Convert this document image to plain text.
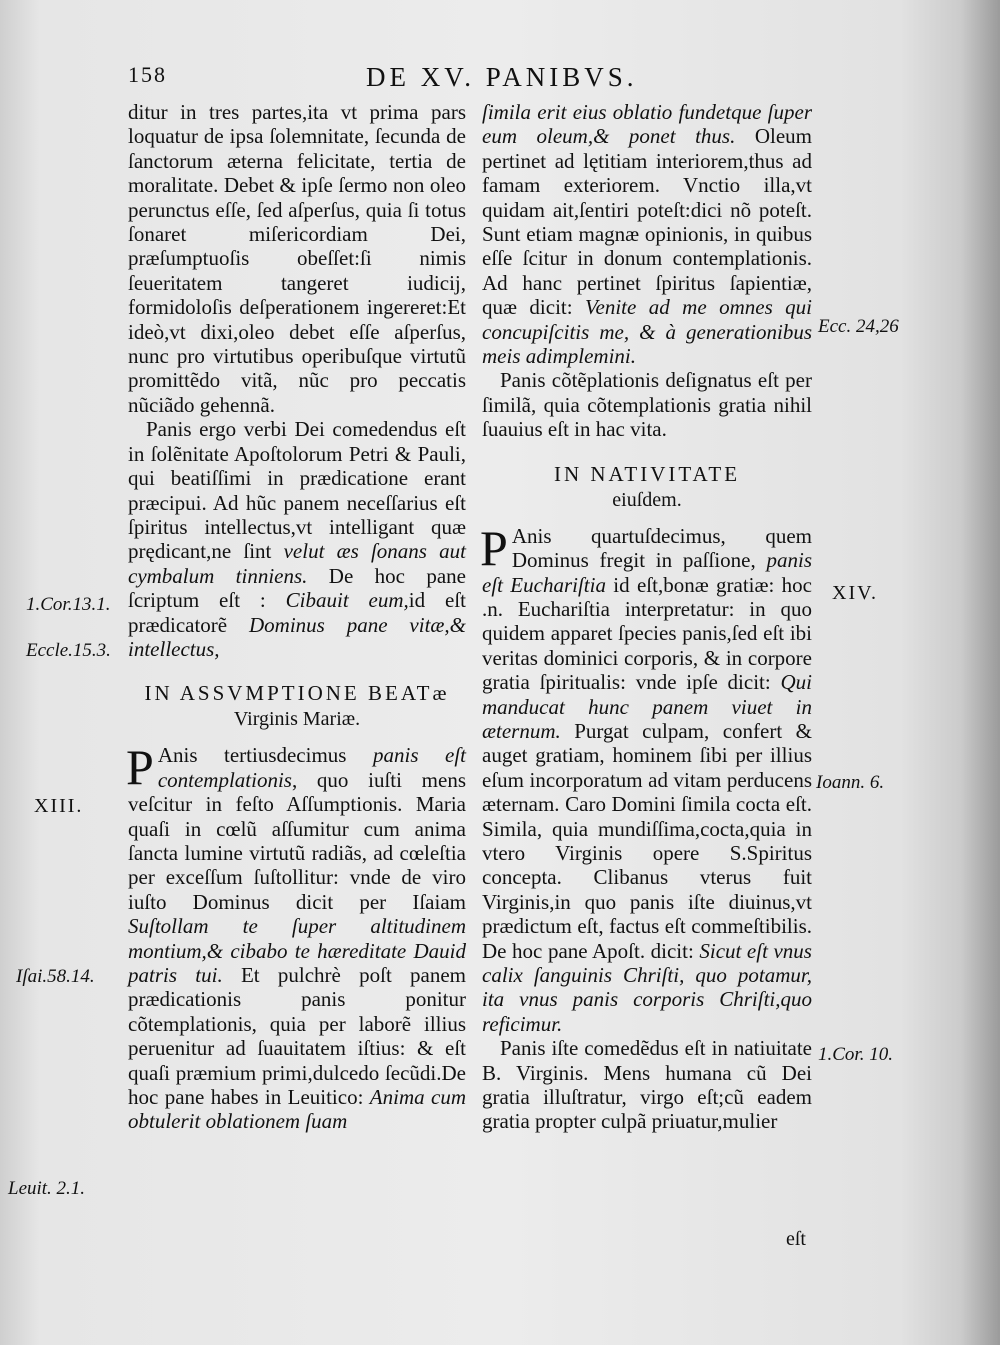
158	DE XV. PANIBVS.

ditur in tres partes,ita vt prima pars loquatur de ipsa ſolemnitate, ſecunda de ſanctorum æterna felicitate, tertia de moralitate. Debet & ipſe ſermo non oleo perunctus eſſe, ſed aſperſus, quia ſi totus ſonaret miſericordiam Dei, præſumptuoſis obeſſet:ſi nimis ſeueritatem tangeret iudicij, formidoloſis deſperationem ingereret:Et ideò,vt dixi,oleo debet eſſe aſperſus, nunc pro virtutibus operibuſque virtutũ promittẽdo vitã, nũc pro peccatis nũciãdo gehennã.

Panis ergo verbi Dei comedendus eſt in ſolẽnitate Apoſtolorum Petri & Pauli, qui beatiſſimi in prædicatione erant præcipui. Ad hũc panem neceſſarius eſt ſpiritus intellectus,vt intelligant quæ prędicant,ne ſint velut æs ſonans aut cymbalum tinniens. De hoc pane ſcriptum eſt : Cibauit eum,id eſt prædicatorẽ Dominus pane vitæ,& intellectus,

IN ASSVMPTIONE BEATæ
Virginis Mariæ.

P Anis tertiusdecimus panis eſt contemplationis, quo iuſti mens veſcitur in feſto Aſſumptionis. Maria quaſi in cœlũ aſſumitur cum anima ſancta lumine virtutũ radiãs, ad cœleſtia per exceſſum ſuſtollitur: vnde de viro iuſto Dominus dicit per Iſaiam Suſtollam te ſuper altitudinem montium,& cibabo te hæreditate Dauid patris tui. Et pulchrè poſt panem prædicationis panis ponitur cõtemplationis, quia per laborẽ illius peruenitur ad ſuauitatem iſtius: & eſt quaſi præmium primi,dulcedo ſecũdi.De hoc pane habes in Leuitico: Anima cum obtulerit oblationem ſuam

ſimila erit eius oblatio fundetque ſuper eum oleum,& ponet thus. Oleum pertinet ad lętitiam interiorem,thus ad famam exteriorem. Vnctio illa,vt quidam ait,ſentiri poteſt:dici nõ poteſt. Sunt etiam magnæ opinionis, in quibus eſſe ſcitur in donum contemplationis. Ad hanc pertinet ſpiritus ſapientiæ, quæ dicit: Venite ad me omnes qui concupiſcitis me, & à generationibus meis adimplemini.

Panis cõtẽplationis deſignatus eſt per ſimilã, quia cõtemplationis gratia nihil ſuauius eſt in hac vita.

IN NATIVITATE
eiuſdem.

P Anis quartuſdecimus, quem Dominus fregit in paſſione, panis eſt Euchariſtia id eſt,bonæ gratiæ: hoc .n. Euchariſtia interpretatur: in quo quidem apparet ſpecies panis,ſed eſt ibi veritas dominici corporis, & in corpore gratia ſpiritualis: vnde ipſe dicit: Qui manducat hunc panem viuet in æternum. Purgat culpam, confert & auget gratiam, hominem ſibi per illius eſum incorporatum ad vitam perducens æternam. Caro Domini ſimila cocta eſt. Simila, quia mundiſſima,cocta,quia in vtero Virginis opere S.Spiritus concepta. Clibanus vterus fuit Virginis,in quo panis iſte diuinus,vt prædictum eſt, factus eſt commeſtibilis. De hoc pane Apoſt. dicit: Sicut eſt vnus calix ſanguinis Chriſti, quo potamur, ita vnus panis corporis Chriſti,quo reficimur.

Panis iſte comedẽdus eſt in natiuitate B. Virginis. Mens humana cũ Dei gratia illuſtratur, virgo eſt;cũ eadem gratia propter culpã priuatur,mulier

eſt
1.Cor.13.1.
Eccle.15.3.
XIII.
Iſai.58.14.
Leuit. 2.1.
Ecc. 24,26
XIV.
Ioann. 6.
1.Cor. 10.
